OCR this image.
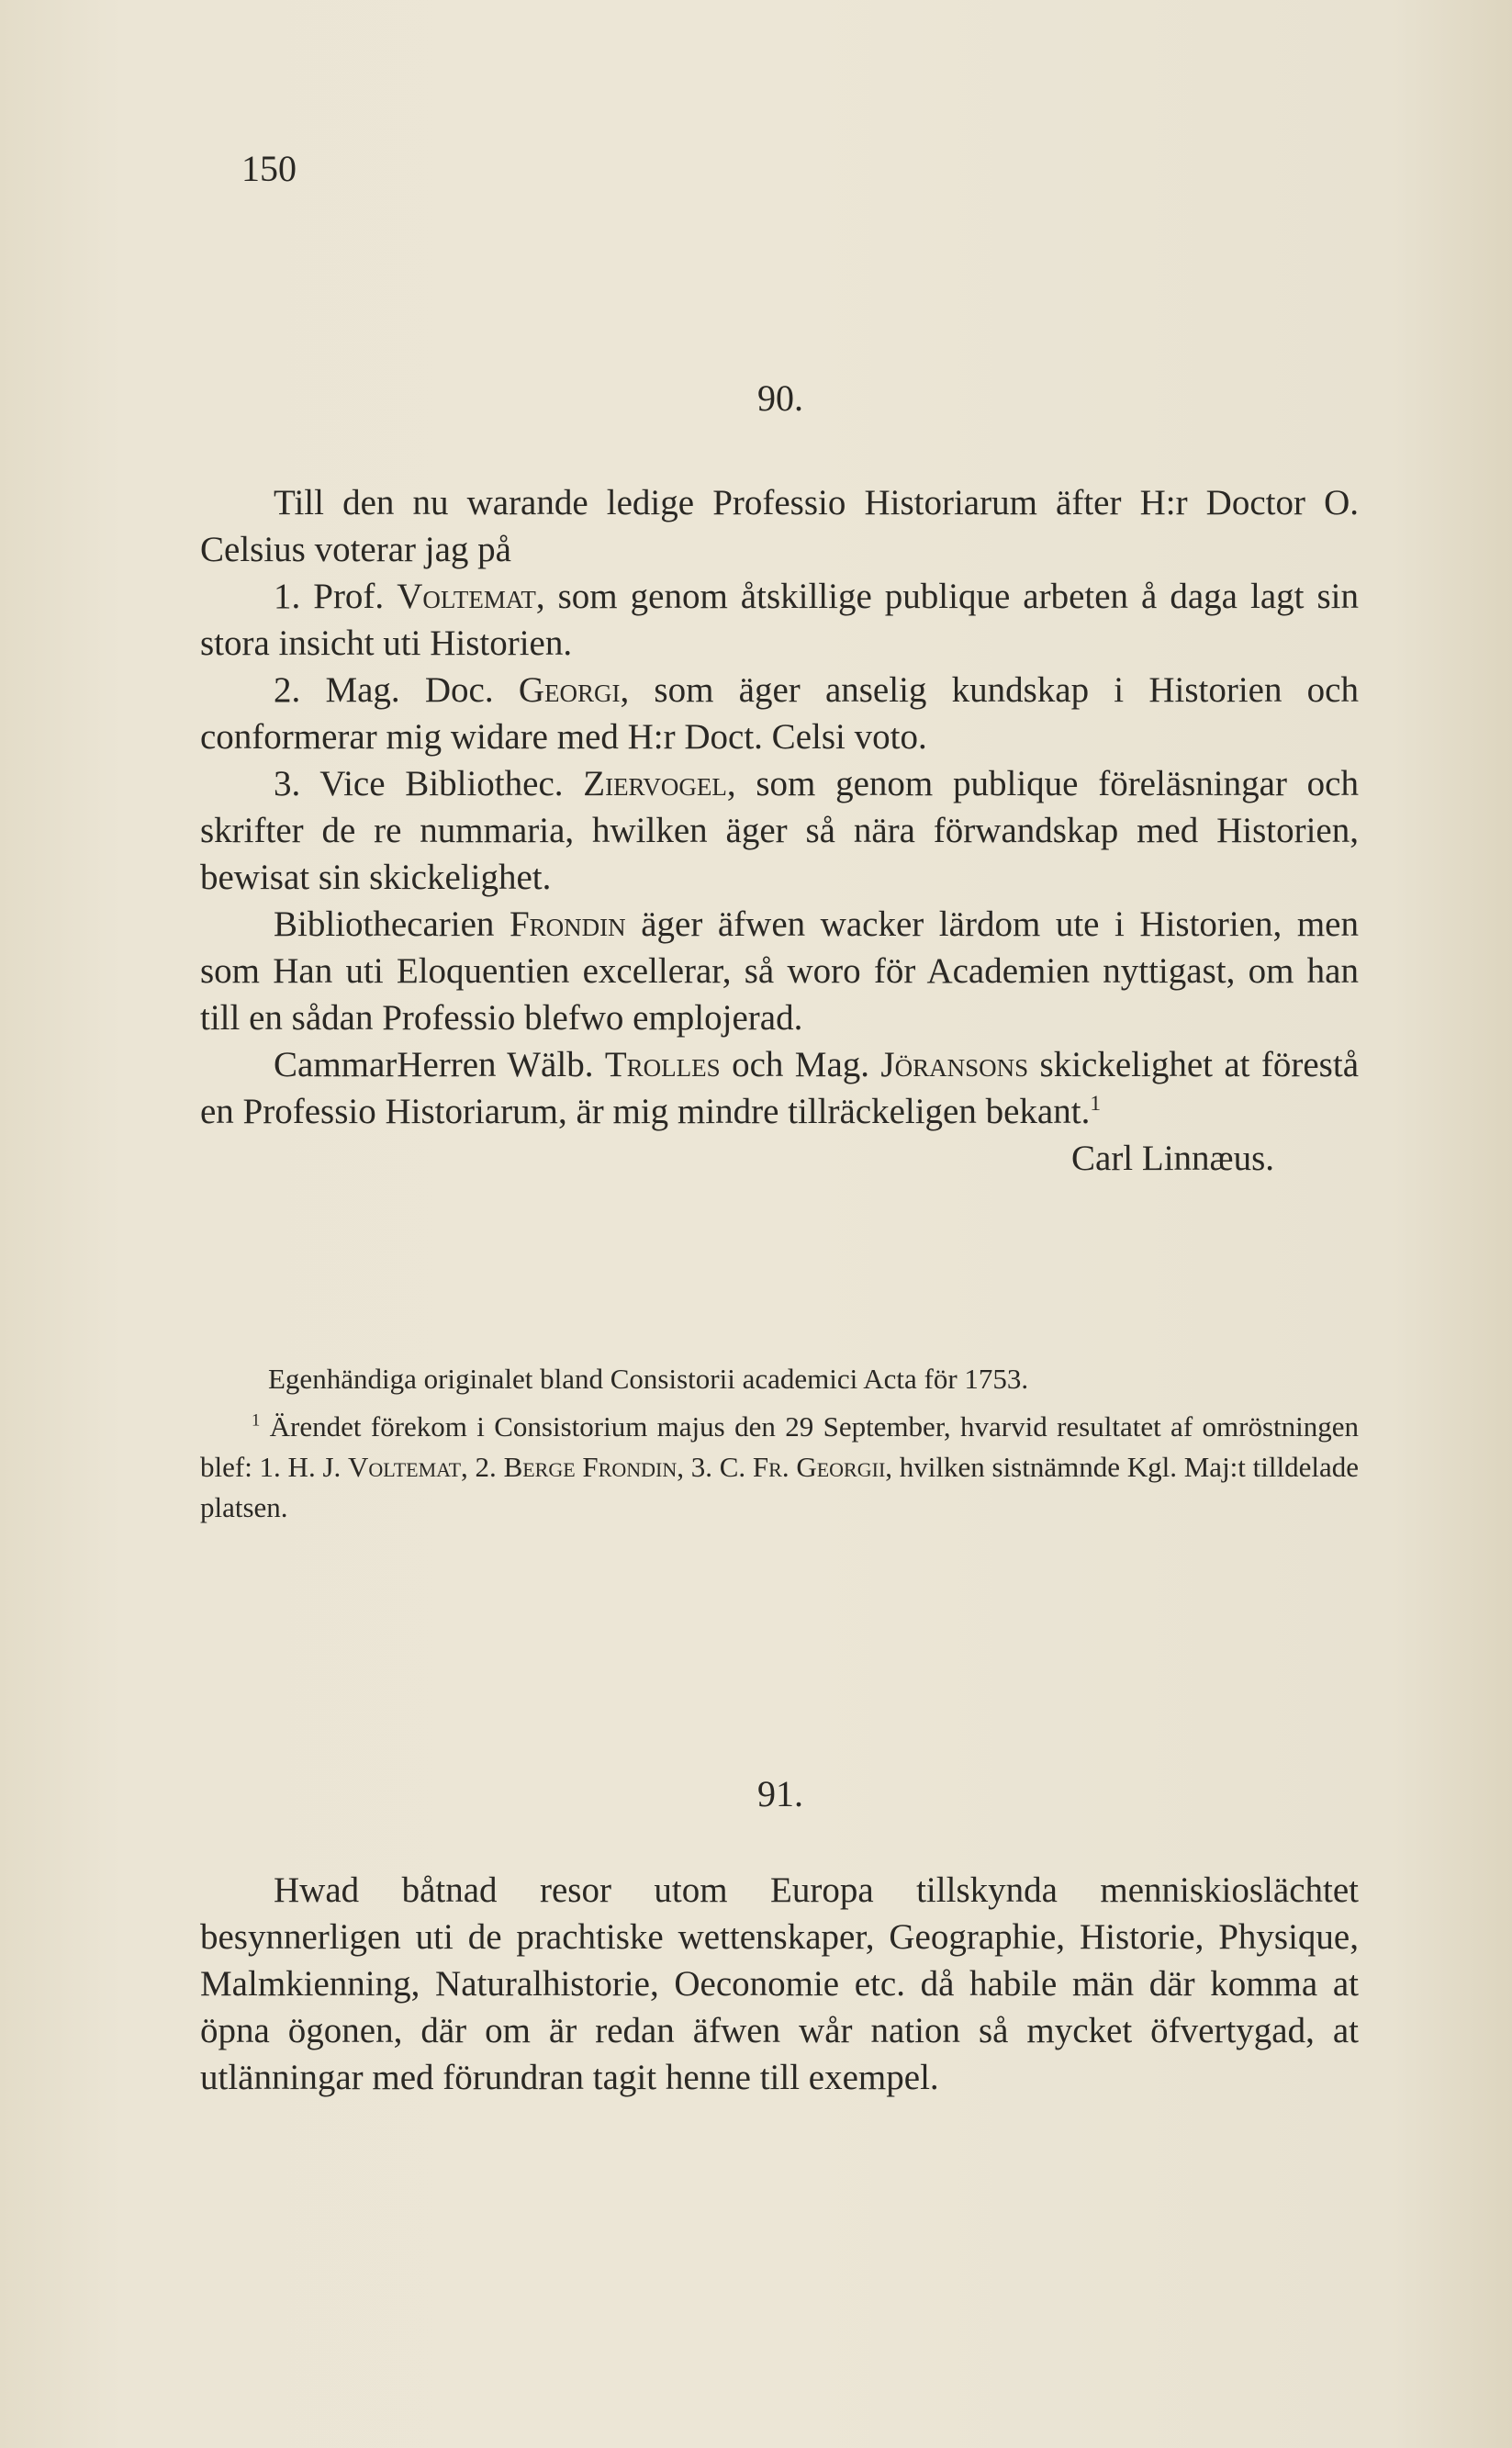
150
90.

Till den nu warande ledige Professio Historiarum äfter H:r Doctor O. Celsius voterar jag på

1. Prof. Voltemat, som genom åtskillige publique arbeten å daga lagt sin stora insicht uti Historien.

2. Mag. Doc. Georgi, som äger anselig kundskap i Historien och conformerar mig widare med H:r Doct. Celsi voto.

3. Vice Bibliothec. Ziervogel, som genom publique föreläsningar och skrifter de re nummaria, hwilken äger så nära förwandskap med Historien, bewisat sin skickelighet.

Bibliothecarien Frondin äger äfwen wacker lärdom ute i Historien, men som Han uti Eloquentien excellerar, så woro för Academien nyttigast, om han till en sådan Professio blefwo emplojerad.

CammarHerren Wälb. Trolles och Mag. Jöransons skickelighet at förestå en Professio Historiarum, är mig mindre tillräckeligen bekant.$^1$

Carl Linnæus.

Egenhändiga originalet bland Consistorii academici Acta för 1753.

$^1$ Ärendet förekom i Consistorium majus den 29 September, hvarvid resultatet af omröstningen blef: 1. H. J. Voltemat, 2. Berge Frondin, 3. C. Fr. Georgii, hvilken sistnämnde Kgl. Maj:t tilldelade platsen.

91.

Hwad båtnad resor utom Europa tillskynda menniskioslächtet besynnerligen uti de prachtiske wettenskaper, Geographie, Historie, Physique, Malmkienning, Naturalhistorie, Oeconomie etc. då habile män där komma at öpna ögonen, där om är redan äfwen wår nation så mycket öfvertygad, at utlänningar med förundran tagit henne till exempel.
